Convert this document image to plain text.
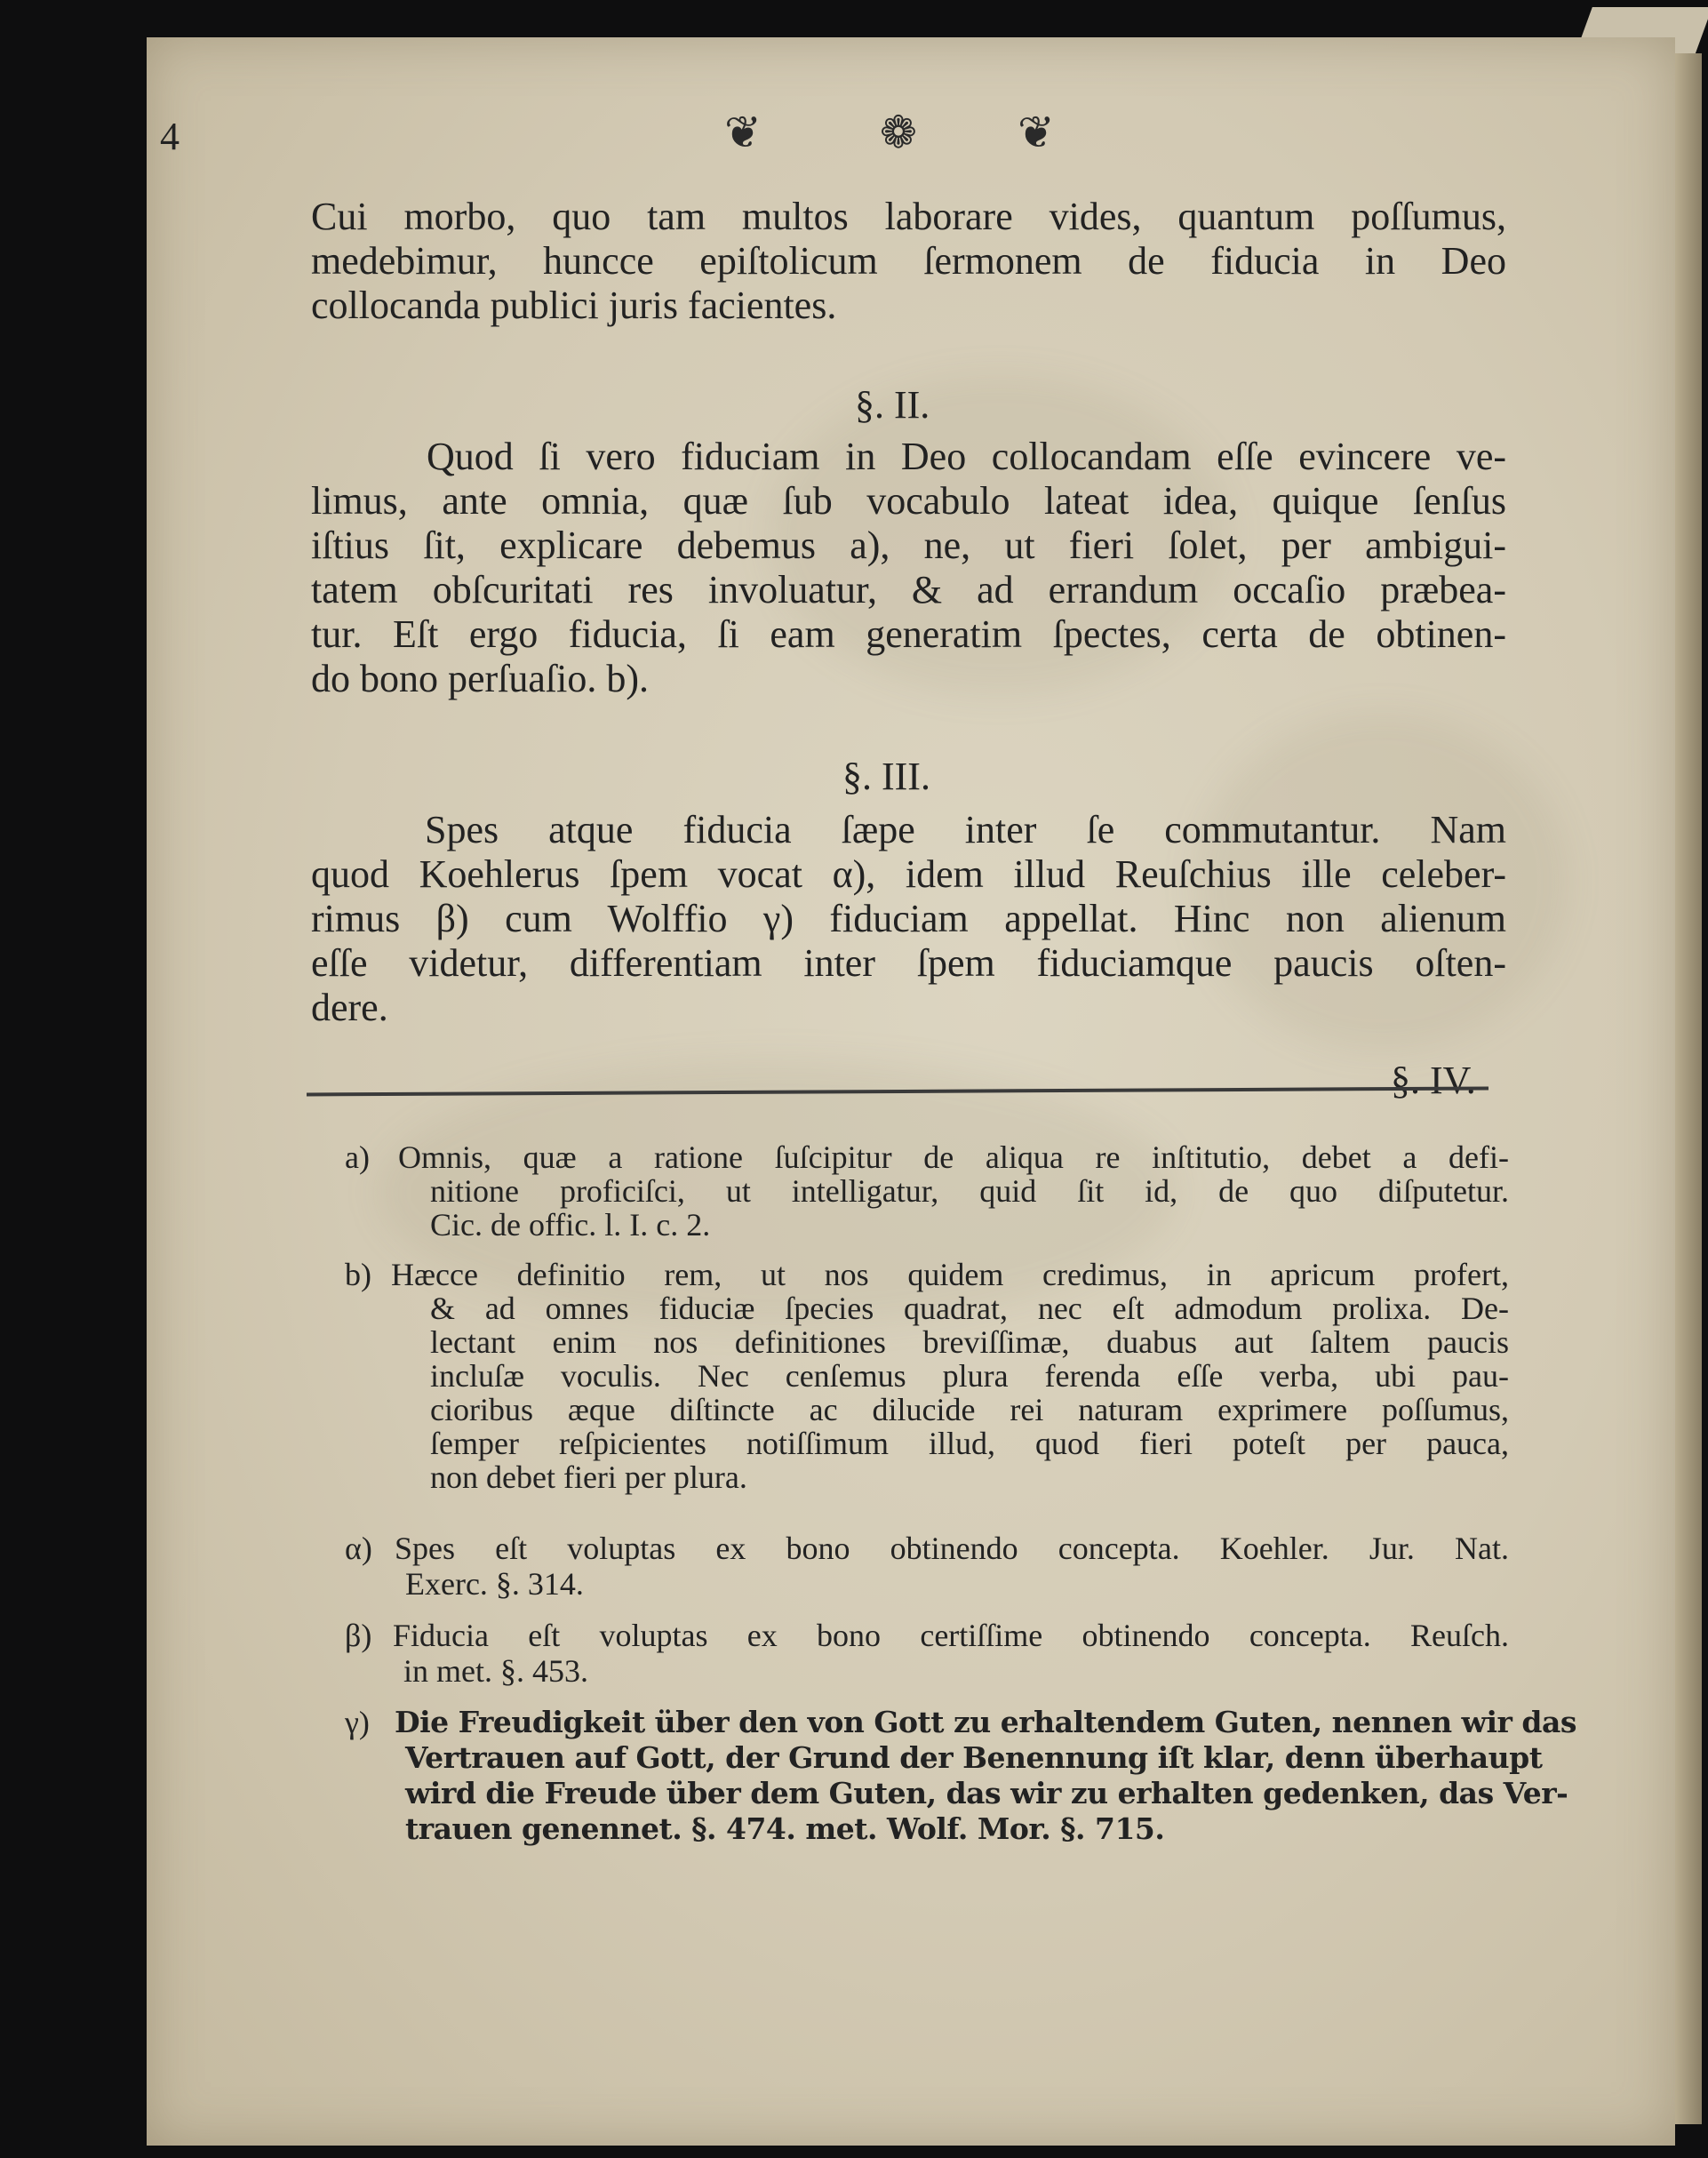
4	❦	❁ ❦
Cui morbo, quo tam multos laborare vides, quantum poſſumus,
medebimur, huncce epiſtolicum ſermonem de fiducia in Deo
collocanda publici juris facientes.
§. II.
Quod ſi vero fiduciam in Deo collocandam eſſe evincere ve-
limus, ante omnia, quæ ſub vocabulo lateat idea, quique ſenſus
iſtius ſit, explicare debemus a), ne, ut fieri ſolet, per ambigui-
tatem obſcuritati res involuatur, & ad errandum occaſio præbea-
tur. Eſt ergo fiducia, ſi eam generatim ſpectes, certa de obtinen-
do bono perſuaſio. b).
§. III.
Spes atque fiducia ſæpe inter ſe commutantur. Nam
quod Koehlerus ſpem vocat α), idem illud Reuſchius ille celeber-
rimus β) cum Wolffio γ) fiduciam appellat. Hinc non alienum
eſſe videtur, differentiam inter ſpem fiduciamque paucis oſten-
dere.
§. IV.
a) Omnis, quæ a ratione ſuſcipitur de aliqua re inſtitutio, debet a defi-
nitione proficiſci, ut intelligatur, quid ſit id, de quo diſputetur.
Cic. de offic. l. I. c. 2.
b) Hæcce definitio rem, ut nos quidem credimus, in apricum profert,
& ad omnes fiduciæ ſpecies quadrat, nec eſt admodum prolixa. De-
lectant enim nos definitiones breviſſimæ, duabus aut ſaltem paucis
incluſæ voculis. Nec cenſemus plura ferenda eſſe verba, ubi pau-
cioribus æque diſtincte ac dilucide rei naturam exprimere poſſumus,
ſemper reſpicientes notiſſimum illud, quod fieri poteſt per pauca,
non debet fieri per plura.
α) Spes eſt voluptas ex bono obtinendo concepta. Koehler. Jur. Nat.
Exerc. §. 314.
β) Fiducia eſt voluptas ex bono certiſſime obtinendo concepta. Reuſch.
in met. §. 453.
γ) Die Freudigkeit über den von Gott zu erhaltendem Guten, nennen wir das
Vertrauen auf Gott, der Grund der Benennung iſt klar, denn überhaupt
wird die Freude über dem Guten, das wir zu erhalten gedenken, das Ver-
trauen genennet. §. 474. met. Wolf. Mor. §. 715.
